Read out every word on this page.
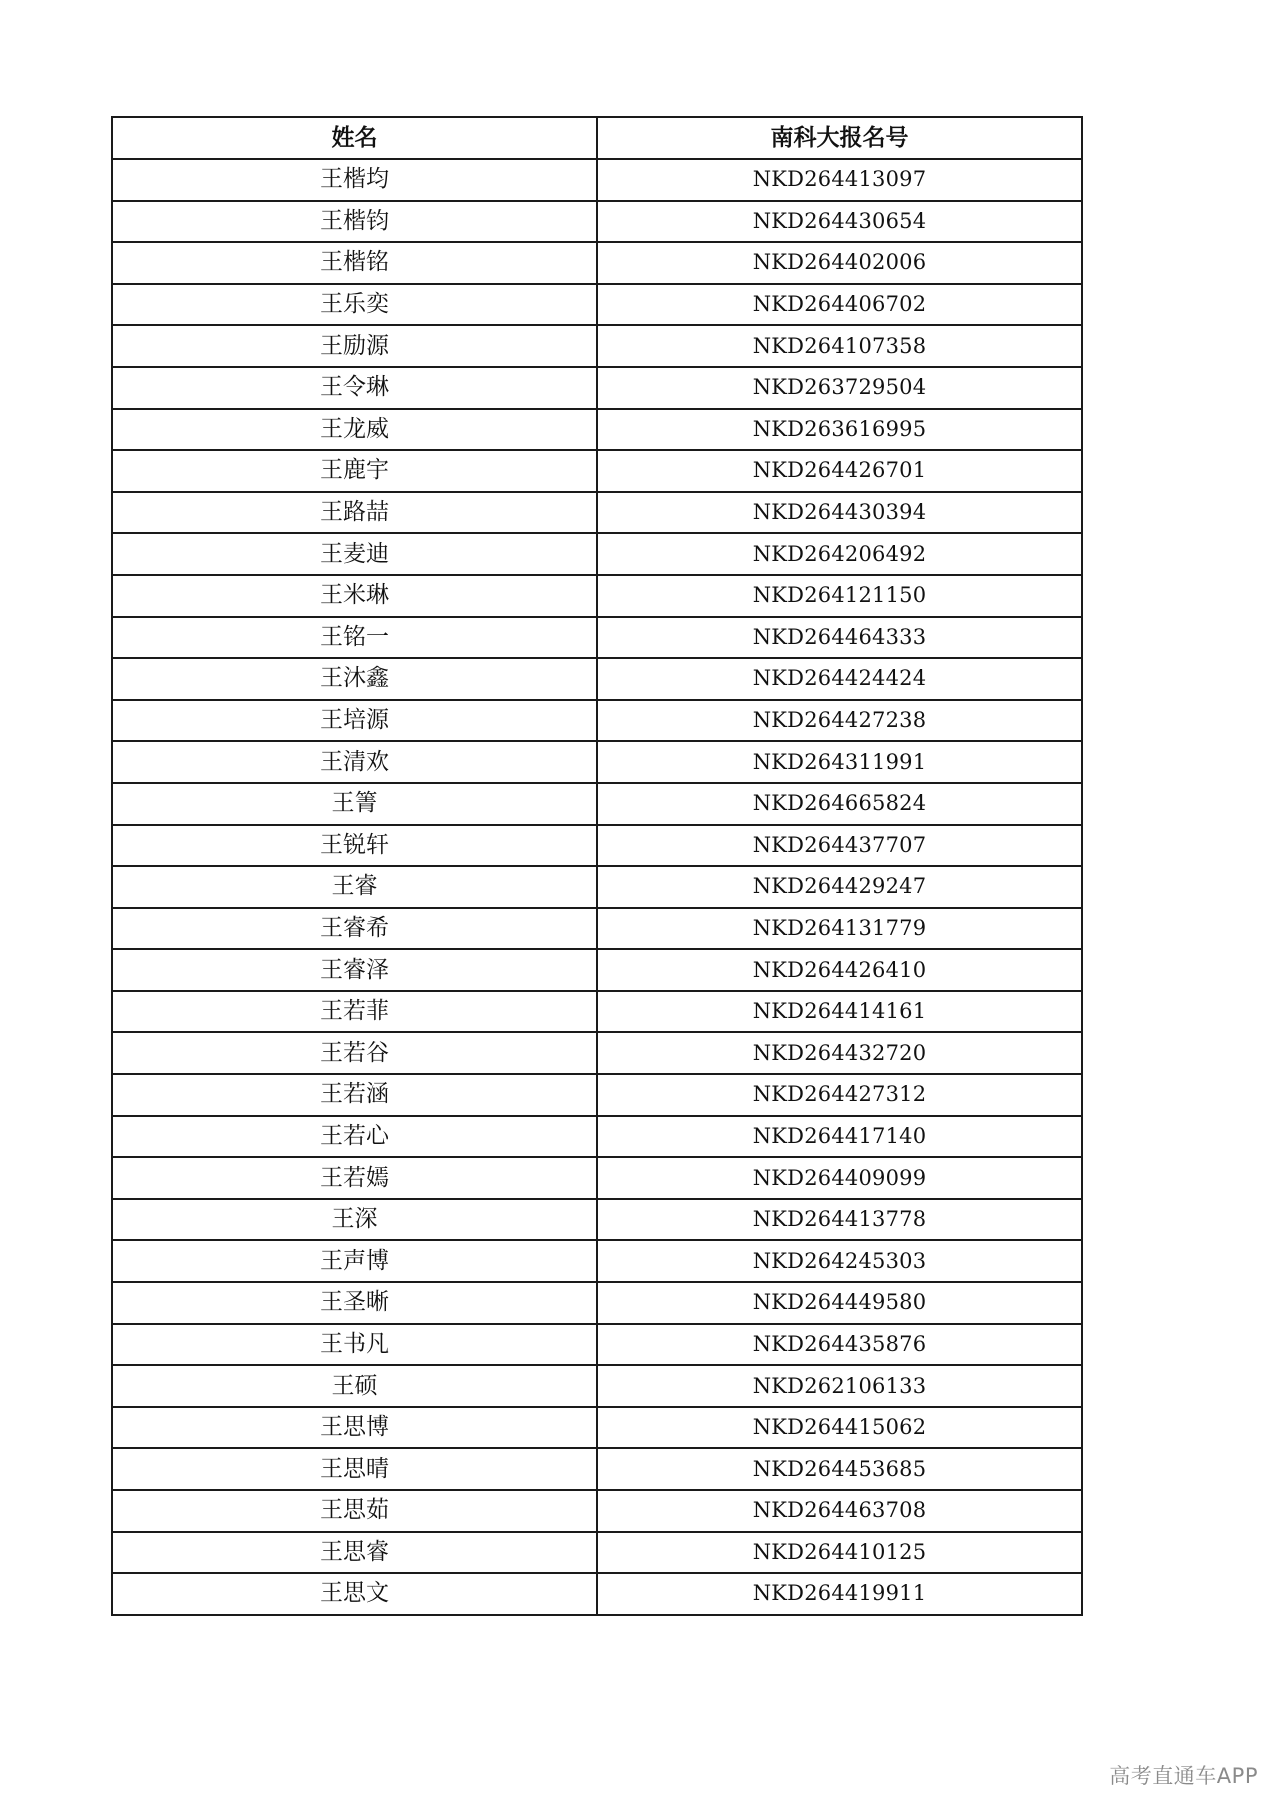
姓名	南科大报名号
王楷均	NKD264413097
王楷钧	NKD264430654
王楷铭	NKD264402006
王乐奕	NKD264406702
王励源	NKD264107358
王令琳	NKD263729504
王龙威	NKD263616995
王鹿宇	NKD264426701
王路喆	NKD264430394
王麦迪	NKD264206492
王米琳	NKD264121150
王铭一	NKD264464333
王沐鑫	NKD264424424
王培源	NKD264427238
王清欢	NKD264311991
王箐	NKD264665824
王锐轩	NKD264437707
王睿	NKD264429247
王睿希	NKD264131779
王睿泽	NKD264426410
王若菲	NKD264414161
王若谷	NKD264432720
王若涵	NKD264427312
王若心	NKD264417140
王若嫣	NKD264409099
王深	NKD264413778
王声博	NKD264245303
王圣晰	NKD264449580
王书凡	NKD264435876
王硕	NKD262106133
王思博	NKD264415062
王思晴	NKD264453685
王思茹	NKD264463708
王思睿	NKD264410125
王思文	NKD264419911
高考直通车APP
